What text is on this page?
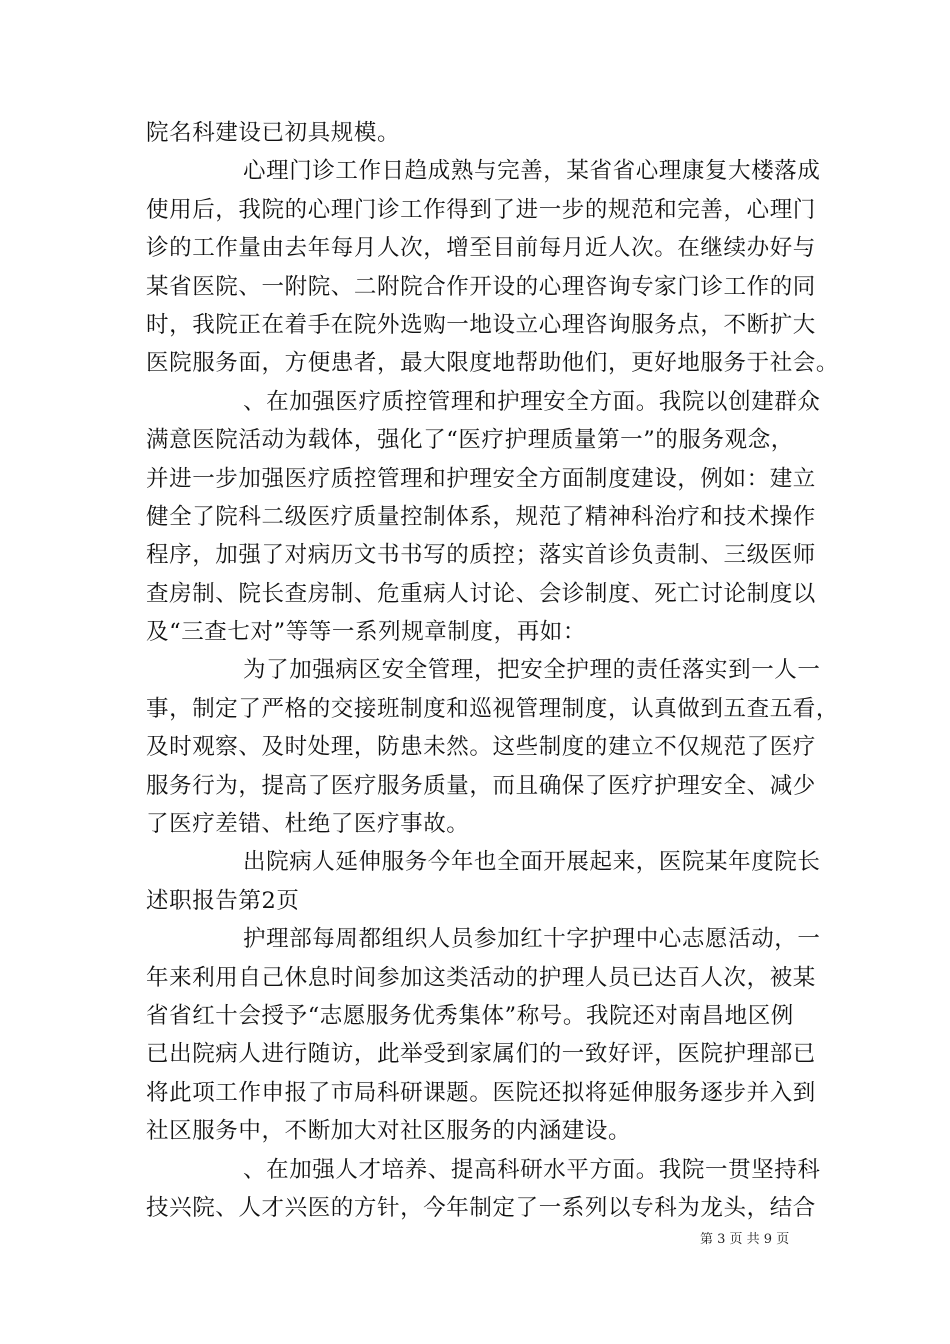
院名科建设已初具规模。
心理门诊工作日趋成熟与完善，某省省心理康复大楼落成
使用后，我院的心理门诊工作得到了进一步的规范和完善，心理门
诊的工作量由去年每月人次，增至目前每月近人次。在继续办好与
某省医院、一附院、二附院合作开设的心理咨询专家门诊工作的同
时，我院正在着手在院外选购一地设立心理咨询服务点，不断扩大
医院服务面，方便患者，最大限度地帮助他们，更好地服务于社会。
、在加强医疗质控管理和护理安全方面。我院以创建群众
满意医院活动为载体，强化了“医疗护理质量第一”的服务观念，
并进一步加强医疗质控管理和护理安全方面制度建设，例如：建立
健全了院科二级医疗质量控制体系，规范了精神科治疗和技术操作
程序，加强了对病历文书书写的质控；落实首诊负责制、三级医师
查房制、院长查房制、危重病人讨论、会诊制度、死亡讨论制度以
及“三查七对”等等一系列规章制度，再如：
为了加强病区安全管理，把安全护理的责任落实到一人一
事，制定了严格的交接班制度和巡视管理制度，认真做到五查五看，
及时观察、及时处理，防患未然。这些制度的建立不仅规范了医疗
服务行为，提高了医疗服务质量，而且确保了医疗护理安全、减少
了医疗差错、杜绝了医疗事故。
出院病人延伸服务今年也全面开展起来，医院某年度院长
述职报告第2页
护理部每周都组织人员参加红十字护理中心志愿活动，一
年来利用自己休息时间参加这类活动的护理人员已达百人次，被某
省省红十会授予“志愿服务优秀集体”称号。我院还对南昌地区例
已出院病人进行随访，此举受到家属们的一致好评，医院护理部已
将此项工作申报了市局科研课题。医院还拟将延伸服务逐步并入到
社区服务中，不断加大对社区服务的内涵建设。
、在加强人才培养、提高科研水平方面。我院一贯坚持科
技兴院、人才兴医的方针，今年制定了一系列以专科为龙头，结合
第 3 页 共 9 页
